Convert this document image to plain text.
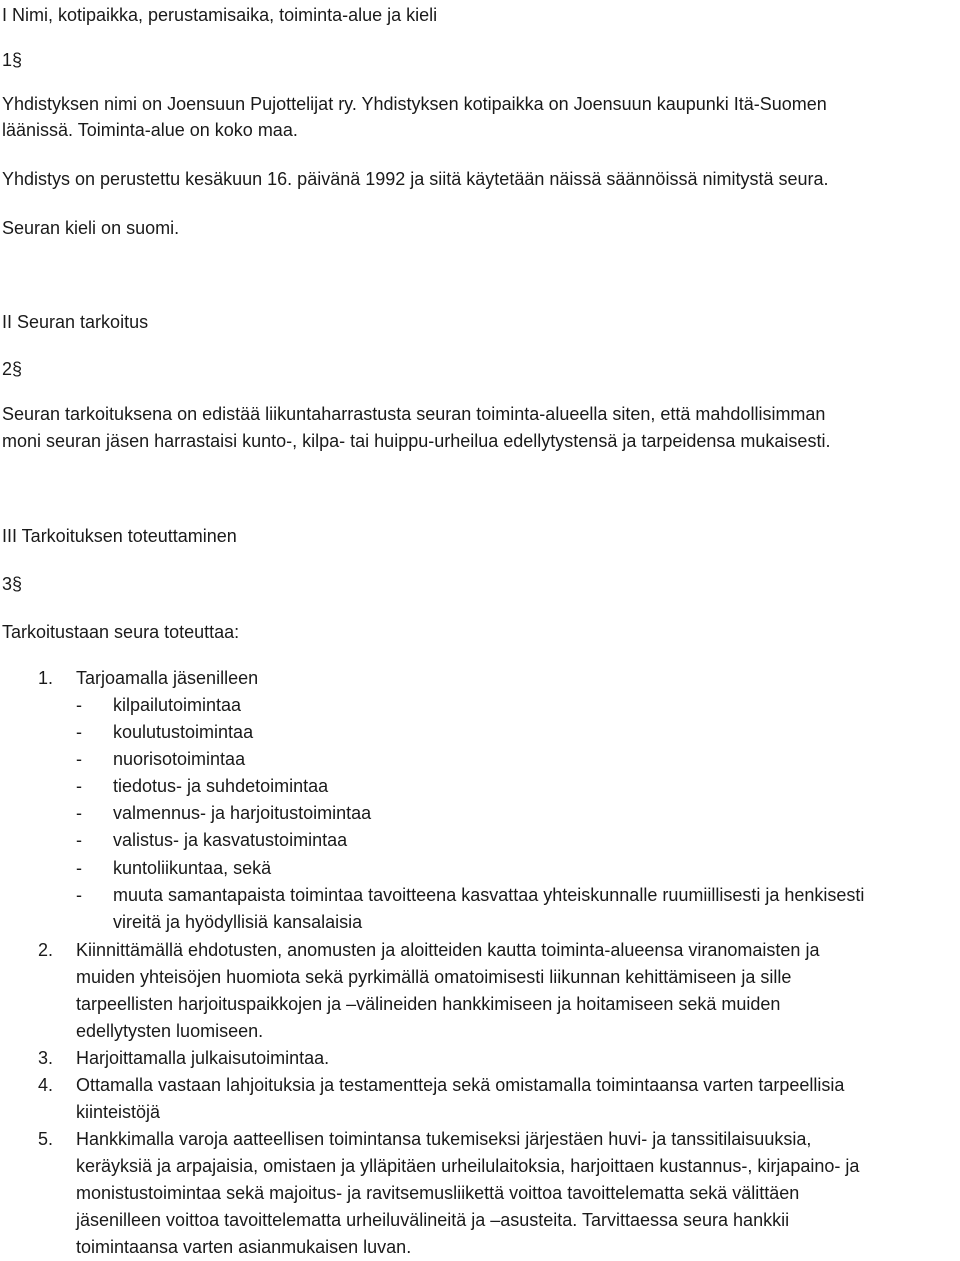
I Nimi, kotipaikka, perustamisaika, toiminta-alue ja kieli
1§
Yhdistyksen nimi on Joensuun Pujottelijat ry. Yhdistyksen kotipaikka on Joensuun kaupunki Itä-Suomen
läänissä. Toiminta-alue on koko maa.
Yhdistys on perustettu kesäkuun 16. päivänä 1992 ja siitä käytetään näissä säännöissä nimitystä seura.
Seuran kieli on suomi.
II Seuran tarkoitus
2§
Seuran tarkoituksena on edistää liikuntaharrastusta seuran toiminta-alueella siten, että mahdollisimman
moni seuran jäsen harrastaisi kunto-, kilpa- tai huippu-urheilua edellytystensä ja tarpeidensa mukaisesti.
III Tarkoituksen toteuttaminen
3§
Tarkoitustaan seura toteuttaa:
1. Tarjoamalla jäsenilleen
- kilpailutoimintaa
- koulutustoimintaa
- nuorisotoimintaa
- tiedotus- ja suhdetoimintaa
- valmennus- ja harjoitustoimintaa
- valistus- ja kasvatustoimintaa
- kuntoliikuntaa, sekä
- muuta samantapaista toimintaa tavoitteena kasvattaa yhteiskunnalle ruumiillisesti ja henkisesti
vireitä ja hyödyllisiä kansalaisia
2. Kiinnittämällä ehdotusten, anomusten ja aloitteiden kautta toiminta-alueensa viranomaisten ja
muiden yhteisöjen huomiota sekä pyrkimällä omatoimisesti liikunnan kehittämiseen ja sille
tarpeellisten harjoituspaikkojen ja –välineiden hankkimiseen ja hoitamiseen sekä muiden
edellytysten luomiseen.
3. Harjoittamalla julkaisutoimintaa.
4. Ottamalla vastaan lahjoituksia ja testamentteja sekä omistamalla toimintaansa varten tarpeellisia
kiinteistöjä
5. Hankkimalla varoja aatteellisen toimintansa tukemiseksi järjestäen huvi- ja tanssitilaisuuksia,
keräyksiä ja arpajaisia, omistaen ja ylläpitäen urheilulaitoksia, harjoittaen kustannus-, kirjapaino- ja
monistustoimintaa sekä majoitus- ja ravitsemusliikettä voittoa tavoittelematta sekä välittäen
jäsenilleen voittoa tavoittelematta urheiluvälineitä ja –asusteita. Tarvittaessa seura hankkii
toimintaansa varten asianmukaisen luvan.
